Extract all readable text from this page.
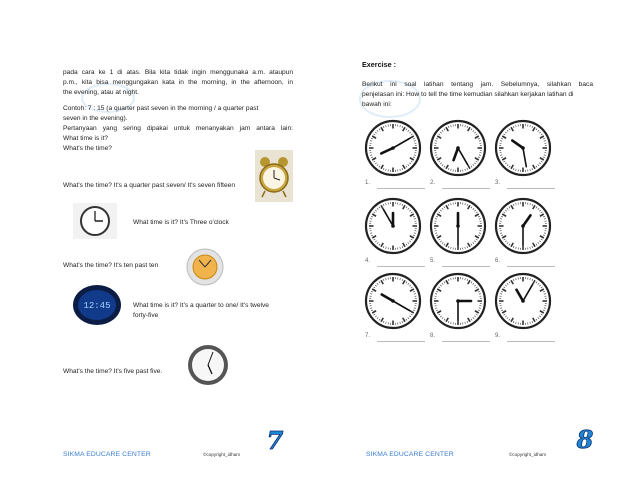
pada cara ke 1 di atas. Bila kita tidak ingin menggunaka a.m. ataupun
p.m., kita bisa menggungakan kata in the morning, in the afternoon, in
the evening, atau at night.
Contoh: 7 : 15 (a quarter past seven in the morning / a quarter past
seven in the evening).
Pertanyaan yang sering dipakai untuk menanyakan jam antara lain:
What time is it?
What's the time?
What's the time? It's a quarter past seven/ It's seven fifteen
What time is it? It's Three o'clock
What's the time? It's ten past ten
12:45	What time is it? It's a quarter to one/ It's twelve
forty-five
What's the time? It's five past five.
SIKMA EDUCARE CENTER	©copyright_idham 7
Exercise :
Berikut ini soal latihan tentang jam. Sebelumnya, silahkan baca
penjelasan ini: How to tell the time kemudian silahkan kerjakan latihan di
bawah ini:
SIKMA EDUCARE CENTER	©copyright_idham
8
1.	2.	3.
4.	5.	6.
7.	8.	9.
